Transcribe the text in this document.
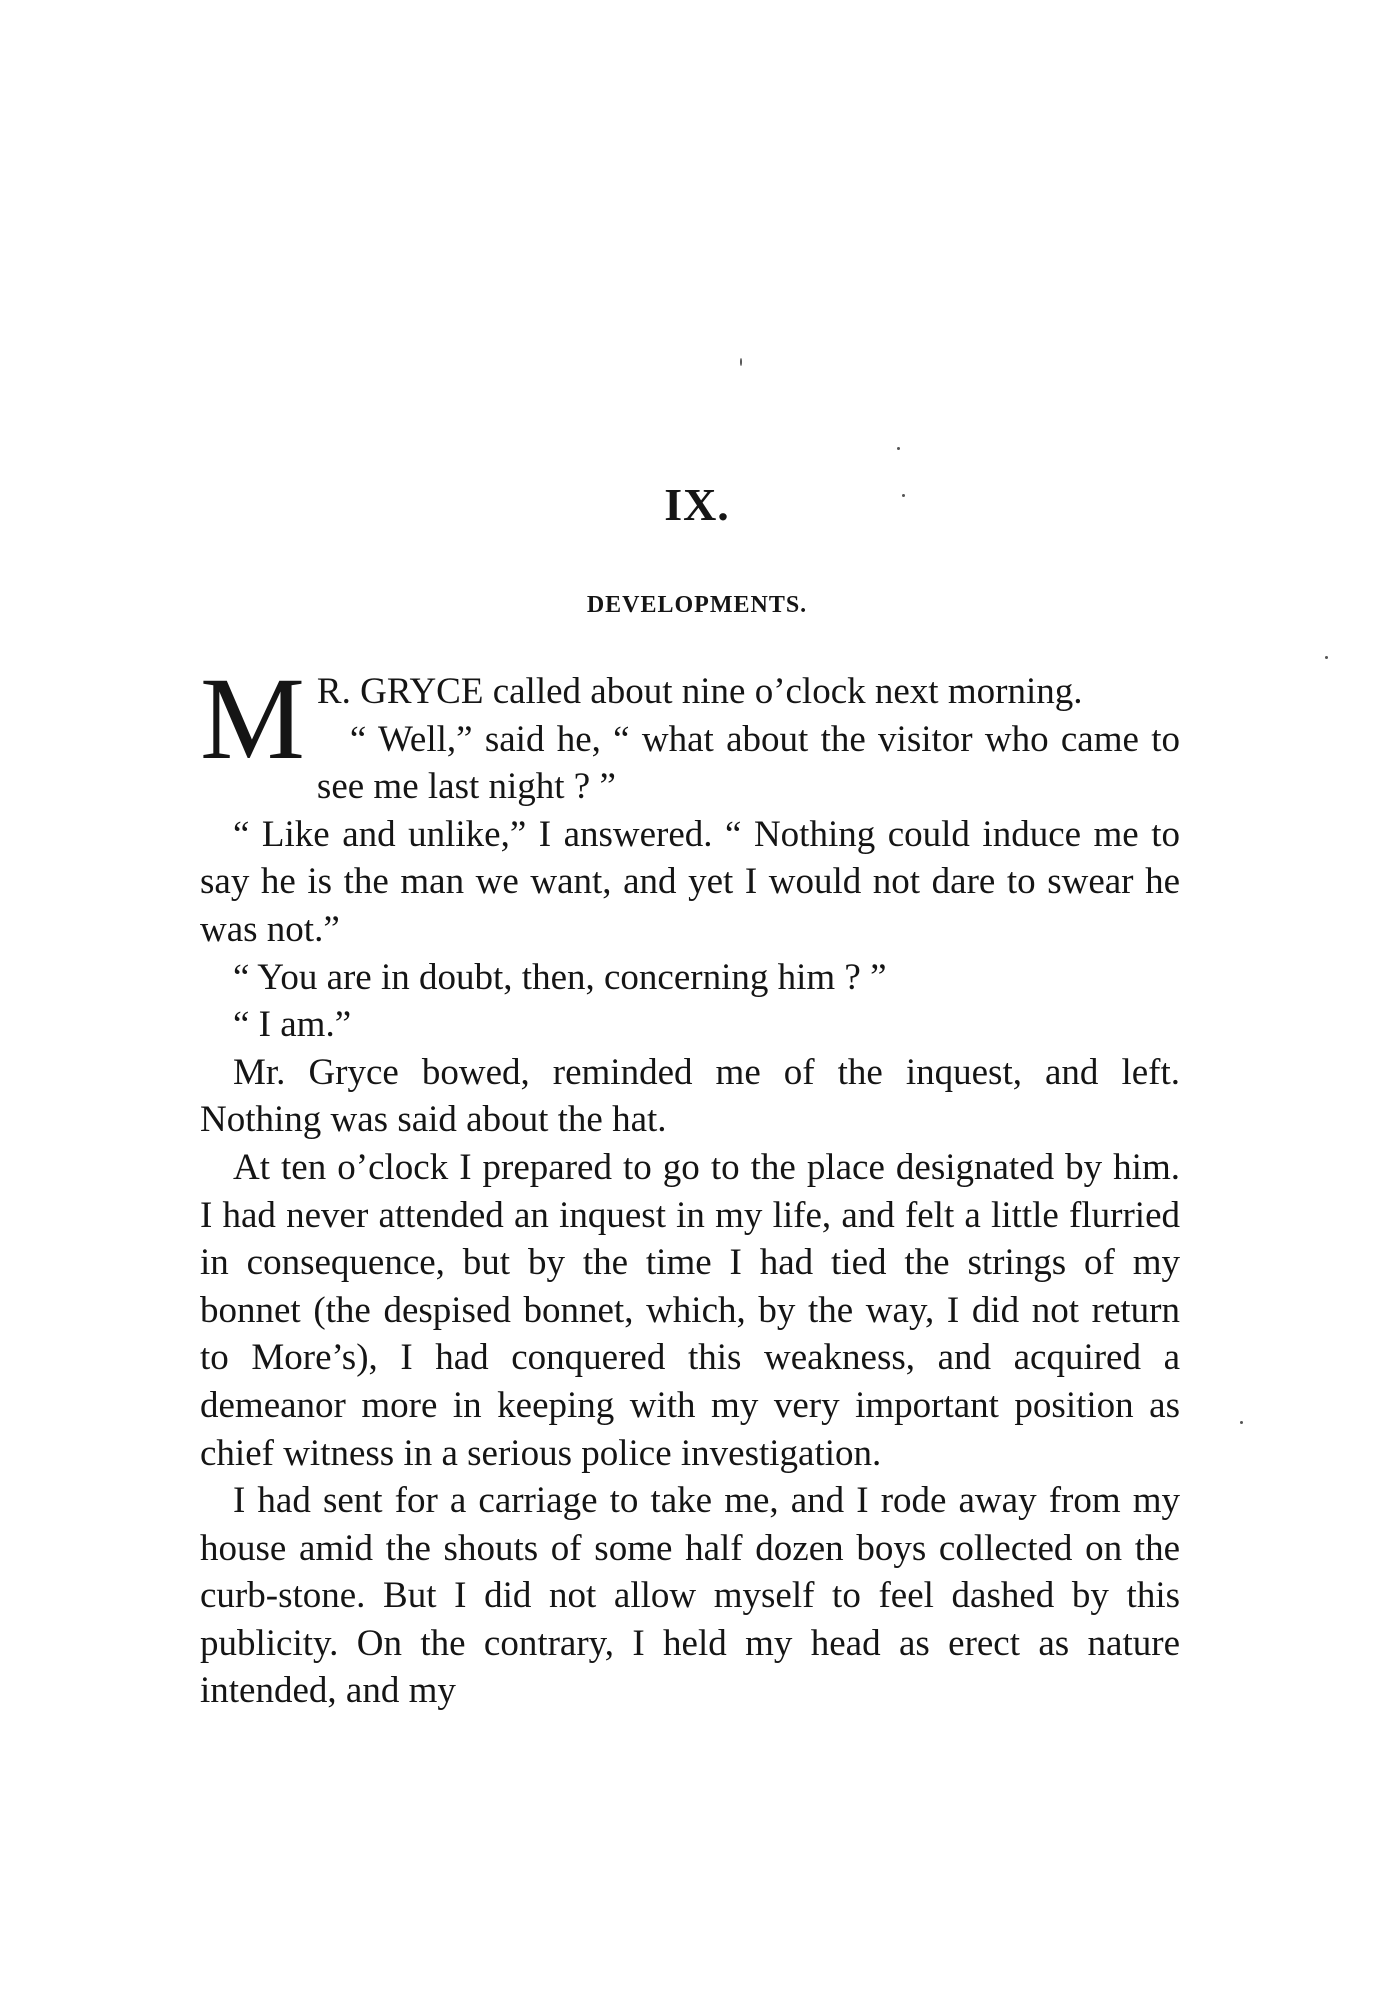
IX.
DEVELOPMENTS.

M R. GRYCE called about nine o’clock next morning.

“ Well,” said he, “ what about the visitor who came to see me last night ? ”

“ Like and unlike,” I answered. “ Nothing could induce me to say he is the man we want, and yet I would not dare to swear he was not.”

“ You are in doubt, then, concerning him ? ”

“ I am.”

Mr. Gryce bowed, reminded me of the inquest, and left. Nothing was said about the hat.

At ten o’clock I prepared to go to the place designated by him. I had never attended an inquest in my life, and felt a little flurried in consequence, but by the time I had tied the strings of my bonnet (the despised bonnet, which, by the way, I did not return to More’s), I had conquered this weakness, and acquired a demeanor more in keeping with my very important position as chief witness in a serious police investigation.

I had sent for a carriage to take me, and I rode away from my house amid the shouts of some half dozen boys collected on the curb-stone. But I did not allow myself to feel dashed by this publicity. On the contrary, I held my head as erect as nature intended, and my
